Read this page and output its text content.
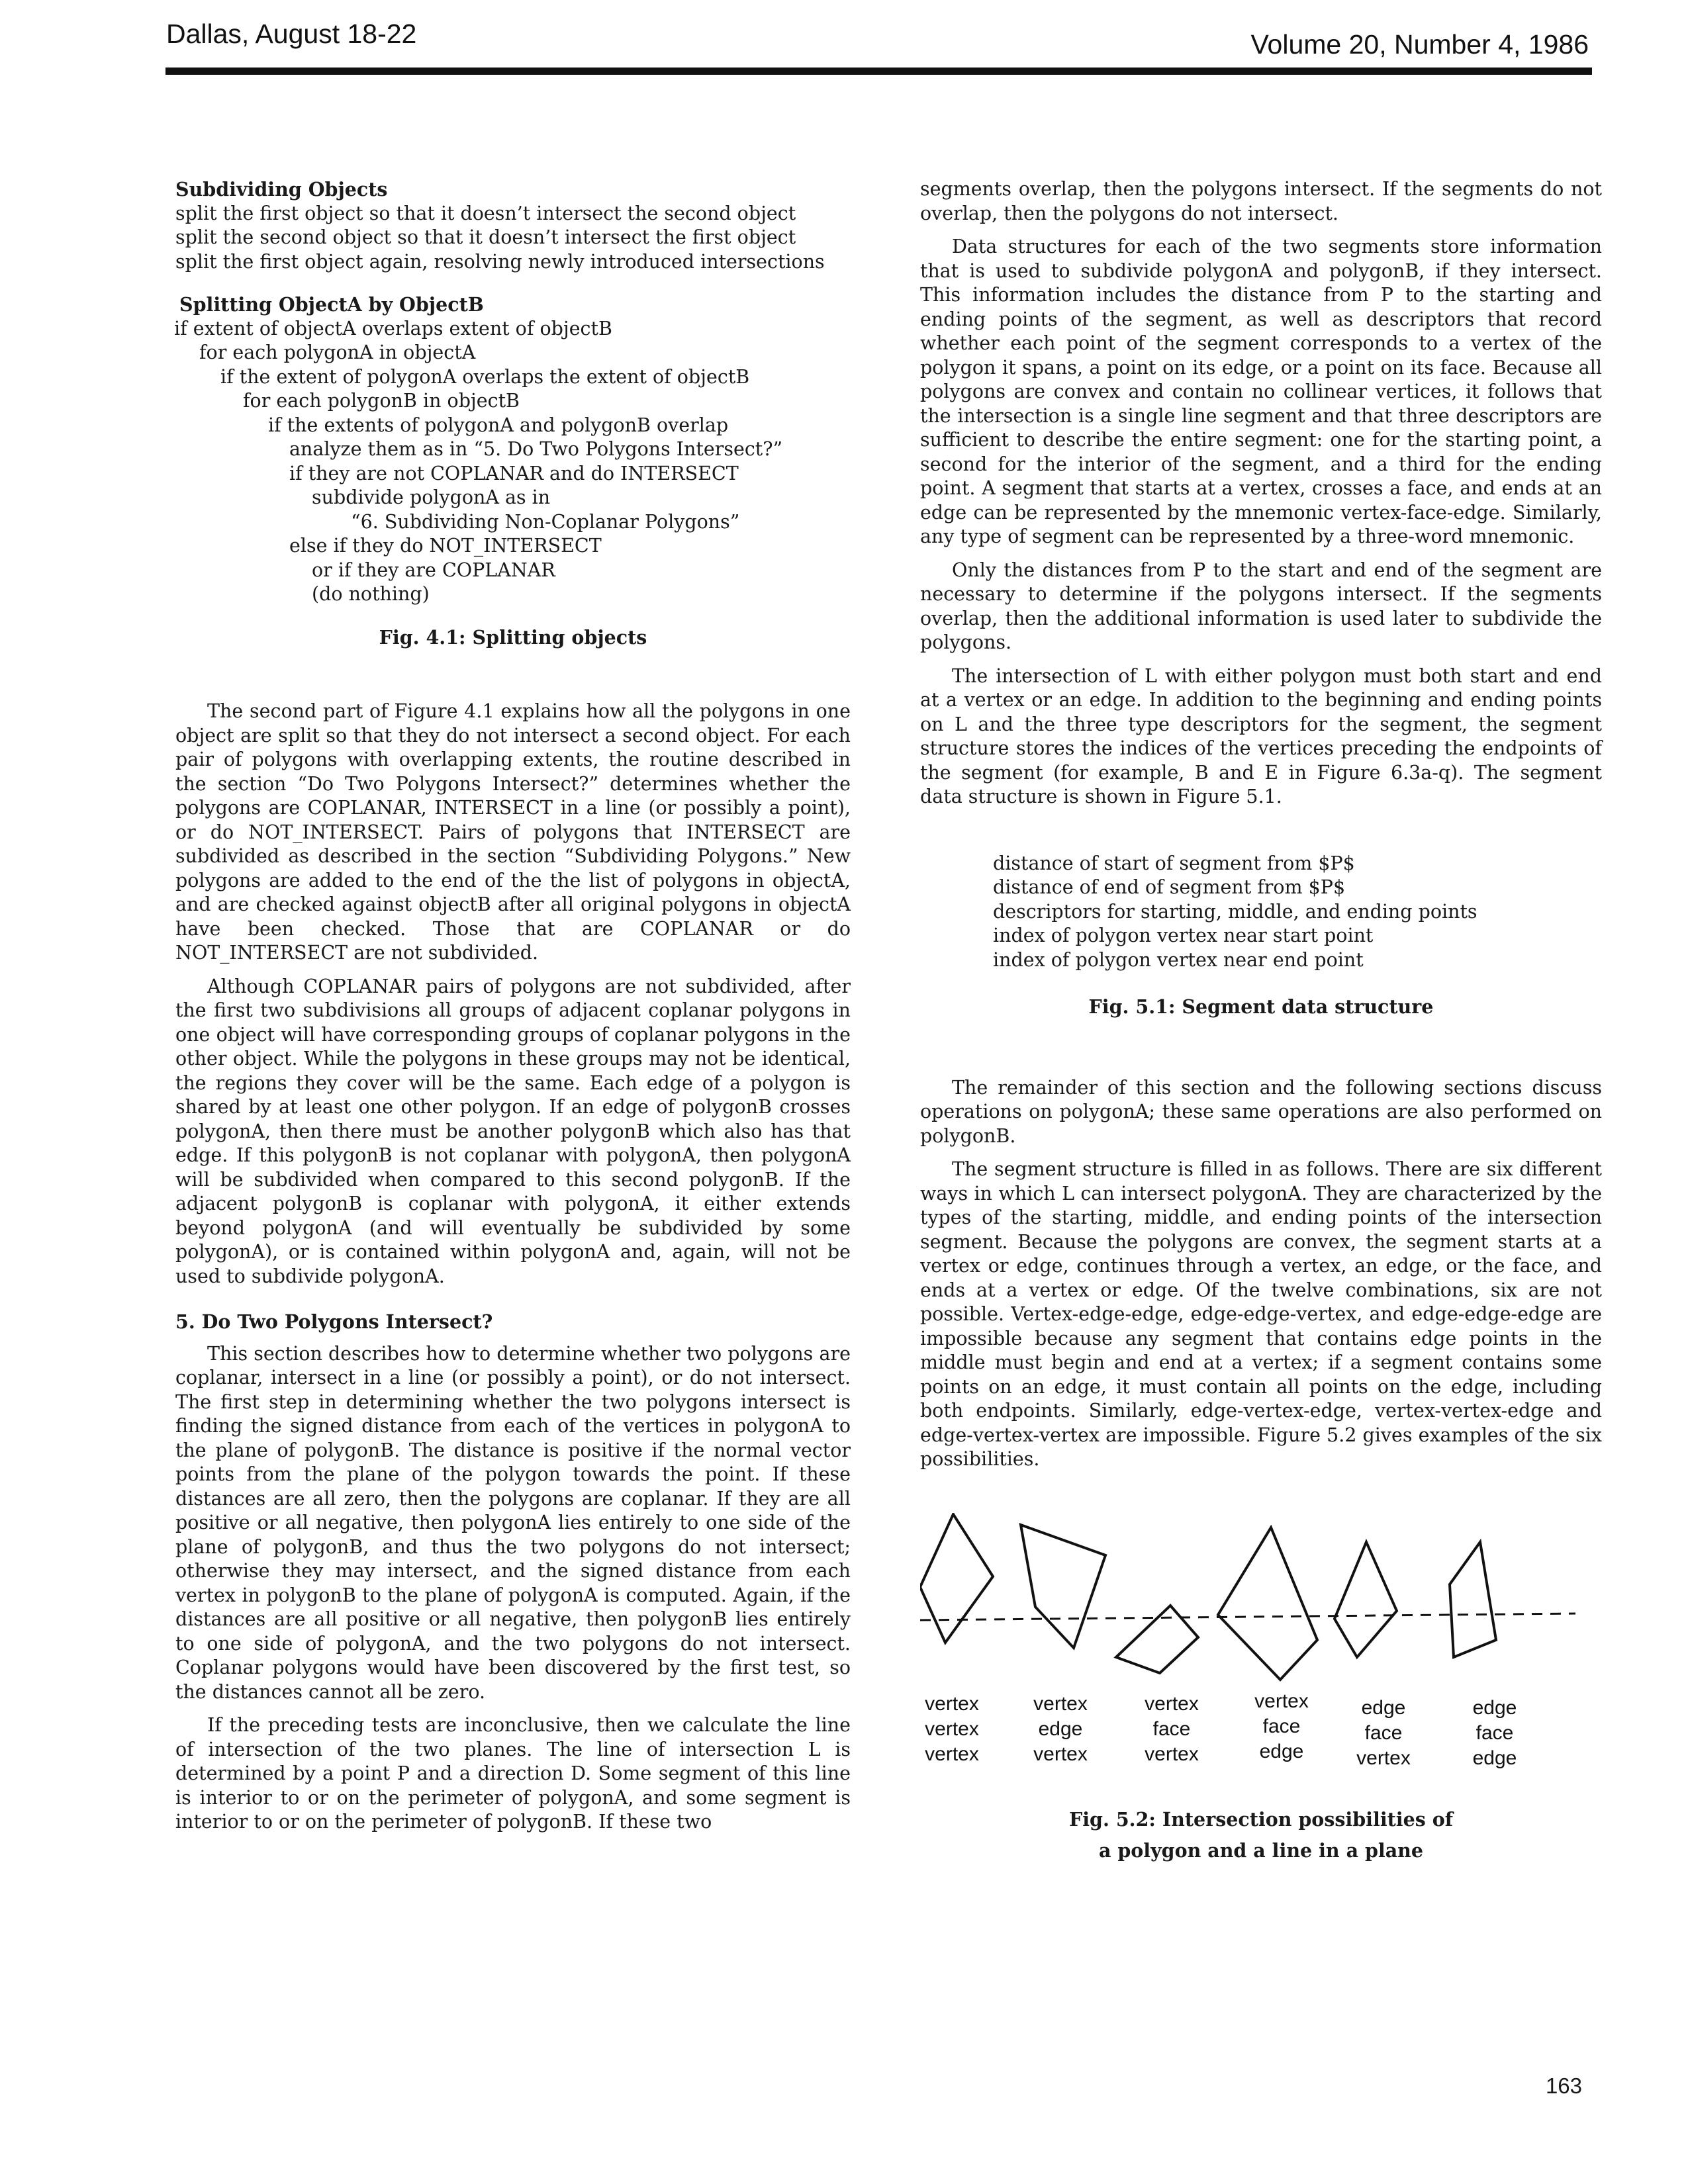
Dallas, August 18-22	Volume 20, Number 4, 1986
Subdividing Objects
split the first object so that it doesn’t intersect the second object
split the second object so that it doesn’t intersect the first object
split the first object again, resolving newly introduced intersections
Splitting ObjectA by ObjectB
if extent of objectA overlaps extent of objectB
for each polygonA in objectA
if the extent of polygonA overlaps the extent of objectB
for each polygonB in objectB
if the extents of polygonA and polygonB overlap
analyze them as in “5. Do Two Polygons Intersect?”
if they are not COPLANAR and do INTERSECT
subdivide polygonA as in
“6. Subdividing Non-Coplanar Polygons”
else if they do NOT_INTERSECT
or if they are COPLANAR
(do nothing)
Fig. 4.1: Splitting objects

The second part of Figure 4.1 explains how all the polygons in one object are split so that they do not intersect a second object. For each pair of polygons with overlapping extents, the routine described in the section “Do Two Polygons Intersect?” determines whether the polygons are COPLANAR, INTERSECT in a line (or possibly a point), or do NOT_INTERSECT. Pairs of polygons that INTERSECT are subdivided as described in the section “Subdividing Polygons.” New polygons are added to the end of the the list of polygons in objectA, and are checked against objectB after all original polygons in objectA have been checked. Those that are COPLANAR or do NOT_INTERSECT are not subdivided.

Although COPLANAR pairs of polygons are not subdivided, after the first two subdivisions all groups of adjacent coplanar polygons in one object will have corresponding groups of coplanar polygons in the other object. While the polygons in these groups may not be identical, the regions they cover will be the same. Each edge of a polygon is shared by at least one other polygon. If an edge of polygonB crosses polygonA, then there must be another polygonB which also has that edge. If this polygonB is not coplanar with polygonA, then polygonA will be subdivided when compared to this second polygonB. If the adjacent polygonB is coplanar with polygonA, it either extends beyond polygonA (and will eventually be subdivided by some polygonA), or is contained within polygonA and, again, will not be used to subdivide polygonA.

5. Do Two Polygons Intersect?

This section describes how to determine whether two polygons are coplanar, intersect in a line (or possibly a point), or do not intersect. The first step in determining whether the two polygons intersect is finding the signed distance from each of the vertices in polygonA to the plane of polygonB. The distance is positive if the normal vector points from the plane of the polygon towards the point. If these distances are all zero, then the polygons are coplanar. If they are all positive or all negative, then polygonA lies entirely to one side of the plane of polygonB, and thus the two polygons do not intersect; otherwise they may intersect, and the signed distance from each vertex in polygonB to the plane of polygonA is computed. Again, if the distances are all positive or all negative, then polygonB lies entirely to one side of polygonA, and the two polygons do not intersect. Coplanar polygons would have been discovered by the first test, so the distances cannot all be zero.

If the preceding tests are inconclusive, then we calculate the line of intersection of the two planes. The line of intersection L is determined by a point P and a direction D. Some segment of this line is interior to or on the perimeter of polygonA, and some segment is interior to or on the perimeter of polygonB. If these two

segments overlap, then the polygons intersect. If the segments do not overlap, then the polygons do not intersect.

Data structures for each of the two segments store information that is used to subdivide polygonA and polygonB, if they intersect. This information includes the distance from P to the starting and ending points of the segment, as well as descriptors that record whether each point of the segment corresponds to a vertex of the polygon it spans, a point on its edge, or a point on its face. Because all polygons are convex and contain no collinear vertices, it follows that the intersection is a single line segment and that three descriptors are sufficient to describe the entire segment: one for the starting point, a second for the interior of the segment, and a third for the ending point. A segment that starts at a vertex, crosses a face, and ends at an edge can be represented by the mnemonic vertex-face-edge. Similarly, any type of segment can be represented by a three-word mnemonic.

Only the distances from P to the start and end of the segment are necessary to determine if the polygons intersect. If the segments overlap, then the additional information is used later to subdivide the polygons.

The intersection of L with either polygon must both start and end at a vertex or an edge. In addition to the beginning and ending points on L and the three type descriptors for the segment, the segment structure stores the indices of the vertices preceding the endpoints of the segment (for example, B and E in Figure 6.3a-q). The segment data structure is shown in Figure 5.1.

distance of start of segment from $P$
distance of end of segment from $P$
descriptors for starting, middle, and ending points
index of polygon vertex near start point
index of polygon vertex near end point
Fig. 5.1: Segment data structure

The remainder of this section and the following sections discuss operations on polygonA; these same operations are also performed on polygonB.

The segment structure is filled in as follows. There are six different ways in which L can intersect polygonA. They are characterized by the types of the starting, middle, and ending points of the intersection segment. Because the polygons are convex, the segment starts at a vertex or edge, continues through a vertex, an edge, or the face, and ends at a vertex or edge. Of the twelve combinations, six are not possible. Vertex-edge-edge, edge-edge-vertex, and edge-edge-edge are impossible because any segment that contains edge points in the middle must begin and end at a vertex; if a segment contains some points on an edge, it must contain all points on the edge, including both endpoints. Similarly, edge-vertex-edge, vertex-vertex-edge and edge-vertex-vertex are impossible. Figure 5.2 gives examples of the six possibilities.

vertex
vertex
vertex
vertex
edge
vertex
vertex
face
vertex
vertex
face
edge
edge
face
vertex
edge
face
edge
Fig. 5.2: Intersection possibilities of
a polygon and a line in a plane
163
